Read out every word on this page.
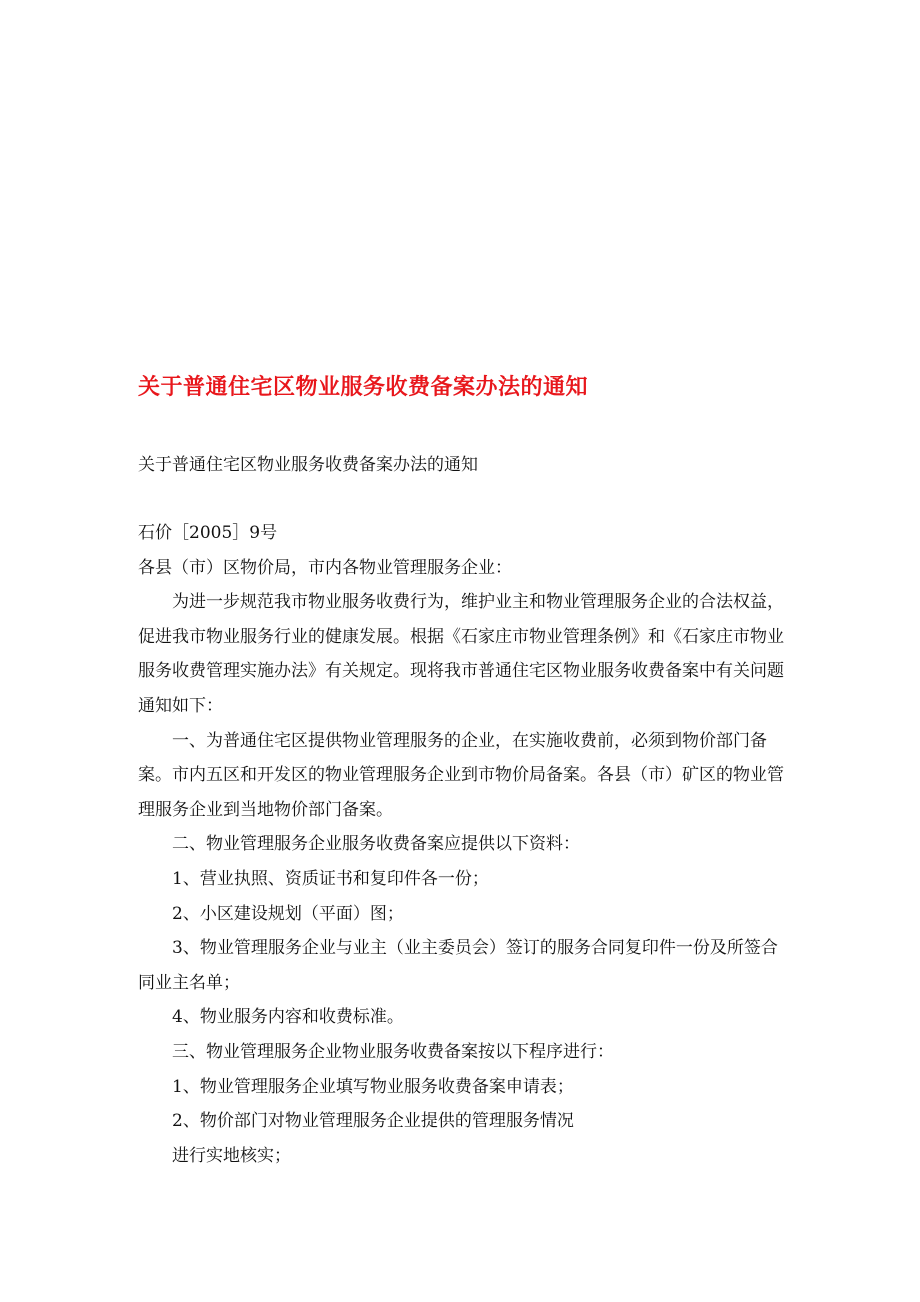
关于普通住宅区物业服务收费备案办法的通知
关于普通住宅区物业服务收费备案办法的通知

石价［2005］9号

各县（市）区物价局，市内各物业管理服务企业：

为进一步规范我市物业服务收费行为，维护业主和物业管理服务企业的合法权益，促进我市物业服务行业的健康发展。根据《石家庄市物业管理条例》和《石家庄市物业服务收费管理实施办法》有关规定。现将我市普通住宅区物业服务收费备案中有关问题通知如下：

一、为普通住宅区提供物业管理服务的企业，在实施收费前，必须到物价部门备案。市内五区和开发区的物业管理服务企业到市物价局备案。各县（市）矿区的物业管理服务企业到当地物价部门备案。

二、物业管理服务企业服务收费备案应提供以下资料：

1、营业执照、资质证书和复印件各一份；

2、小区建设规划（平面）图；

3、物业管理服务企业与业主（业主委员会）签订的服务合同复印件一份及所签合同业主名单；

4、物业服务内容和收费标准。

三、物业管理服务企业物业服务收费备案按以下程序进行：

1、物业管理服务企业填写物业服务收费备案申请表；

2、物价部门对物业管理服务企业提供的管理服务情况

进行实地核实；
